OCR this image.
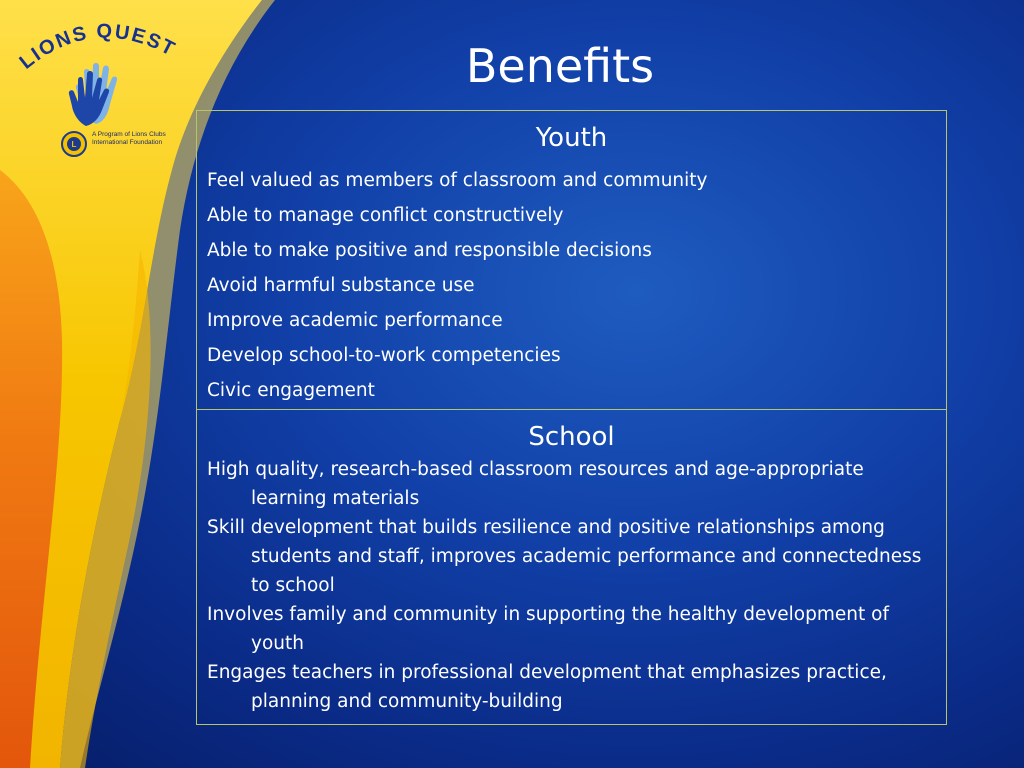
LIONS QUEST
L
A Program of Lions Clubs International Foundation
Benefits
Youth
Feel valued as members of classroom and community
Able to manage conflict constructively
Able to make positive and responsible decisions
Avoid harmful substance use
Improve academic performance
Develop school-to-work competencies
Civic engagement
School
High quality, research-based classroom resources and age-appropriate learning materials
Skill development that builds resilience and positive relationships among students and staff, improves academic performance and connectedness to school
Involves family and community in supporting the healthy development of youth
Engages teachers in professional development that emphasizes practice, planning and community-building
